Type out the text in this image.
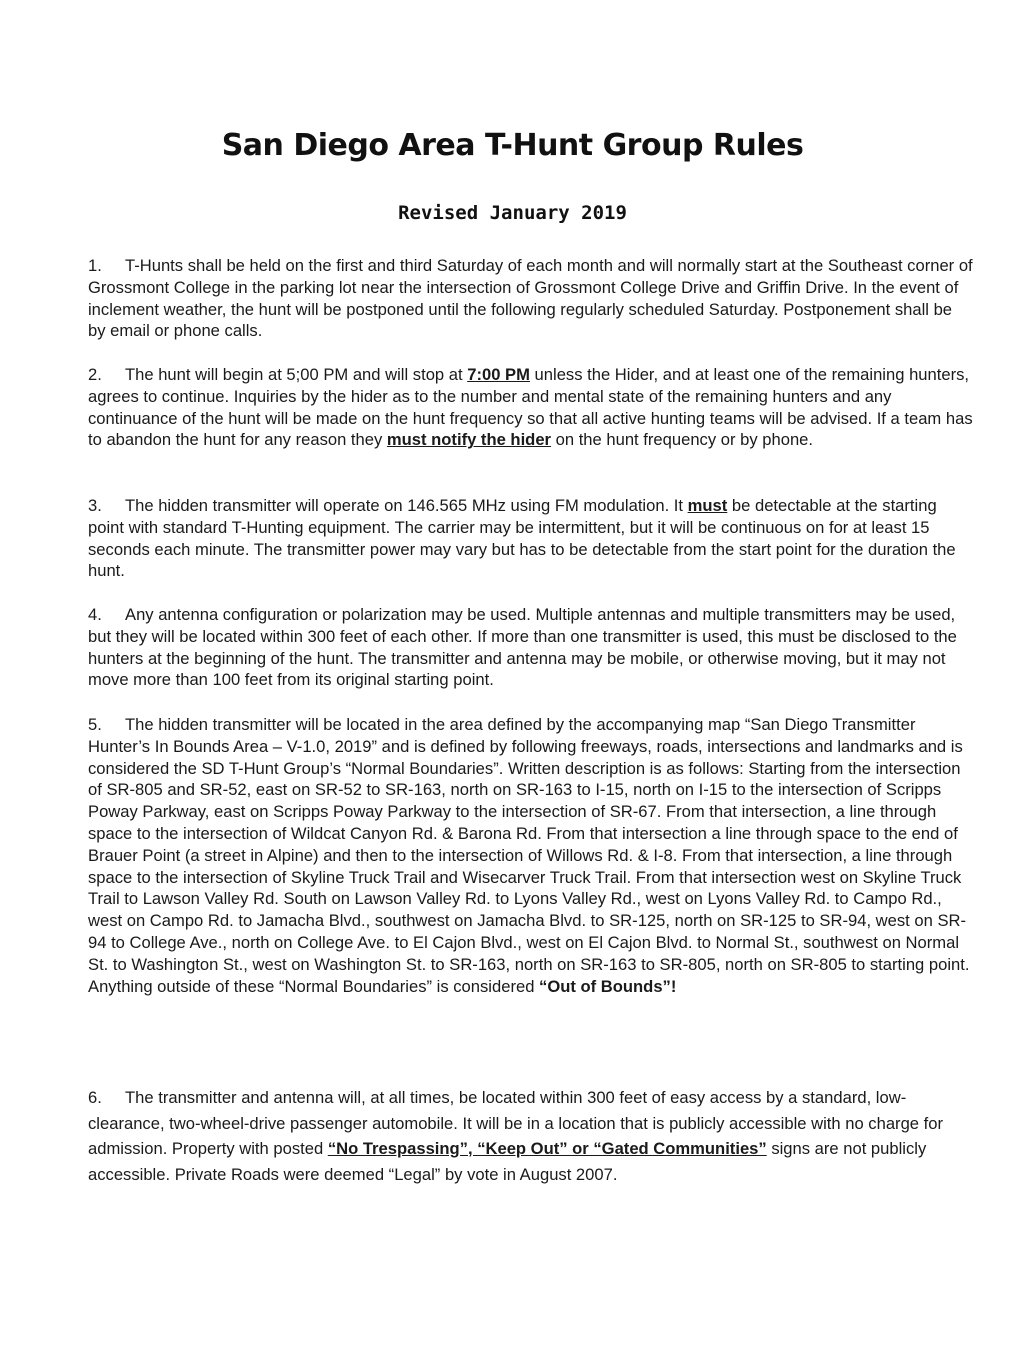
San Diego Area T-Hunt Group Rules
Revised January 2019

1. T-Hunts shall be held on the first and third Saturday of each month and will normally start at the Southeast corner of Grossmont College in the parking lot near the intersection of Grossmont College Drive and Griffin Drive. In the event of inclement weather, the hunt will be postponed until the following regularly scheduled Saturday. Postponement shall be by email or phone calls.

2. The hunt will begin at 5;00 PM and will stop at 7:00 PM unless the Hider, and at least one of the remaining hunters, agrees to continue. Inquiries by the hider as to the number and mental state of the remaining hunters and any continuance of the hunt will be made on the hunt frequency so that all active hunting teams will be advised. If a team has to abandon the hunt for any reason they must notify the hider on the hunt frequency or by phone.

3. The hidden transmitter will operate on 146.565 MHz using FM modulation. It must be detectable at the starting point with standard T-Hunting equipment. The carrier may be intermittent, but it will be continuous on for at least 15 seconds each minute. The transmitter power may vary but has to be detectable from the start point for the duration the hunt.

4. Any antenna configuration or polarization may be used. Multiple antennas and multiple transmitters may be used, but they will be located within 300 feet of each other. If more than one transmitter is used, this must be disclosed to the hunters at the beginning of the hunt. The transmitter and antenna may be mobile, or otherwise moving, but it may not move more than 100 feet from its original starting point.

5. The hidden transmitter will be located in the area defined by the accompanying map “San Diego Transmitter Hunter’s In Bounds Area – V-1.0, 2019” and is defined by following freeways, roads, intersections and landmarks and is considered the SD T-Hunt Group’s “Normal Boundaries”. Written description is as follows: Starting from the intersection of SR-805 and SR-52, east on SR-52 to SR-163, north on SR-163 to I-15, north on I-15 to the intersection of Scripps Poway Parkway, east on Scripps Poway Parkway to the intersection of SR-67. From that intersection, a line through space to the intersection of Wildcat Canyon Rd. & Barona Rd. From that intersection a line through space to the end of Brauer Point (a street in Alpine) and then to the intersection of Willows Rd. & I-8. From that intersection, a line through space to the intersection of Skyline Truck Trail and Wisecarver Truck Trail. From that intersection west on Skyline Truck Trail to Lawson Valley Rd. South on Lawson Valley Rd. to Lyons Valley Rd., west on Lyons Valley Rd. to Campo Rd., west on Campo Rd. to Jamacha Blvd., southwest on Jamacha Blvd. to SR-125, north on SR-125 to SR-94, west on SR-94 to College Ave., north on College Ave. to El Cajon Blvd., west on El Cajon Blvd. to Normal St., southwest on Normal St. to Washington St., west on Washington St. to SR-163, north on SR-163 to SR-805, north on SR-805 to starting point. Anything outside of these “Normal Boundaries” is considered “Out of Bounds”!

6. The transmitter and antenna will, at all times, be located within 300 feet of easy access by a standard, low-clearance, two-wheel-drive passenger automobile. It will be in a location that is publicly accessible with no charge for admission. Property with posted “No Trespassing”, “Keep Out” or “Gated Communities” signs are not publicly accessible. Private Roads were deemed “Legal” by vote in August 2007.
